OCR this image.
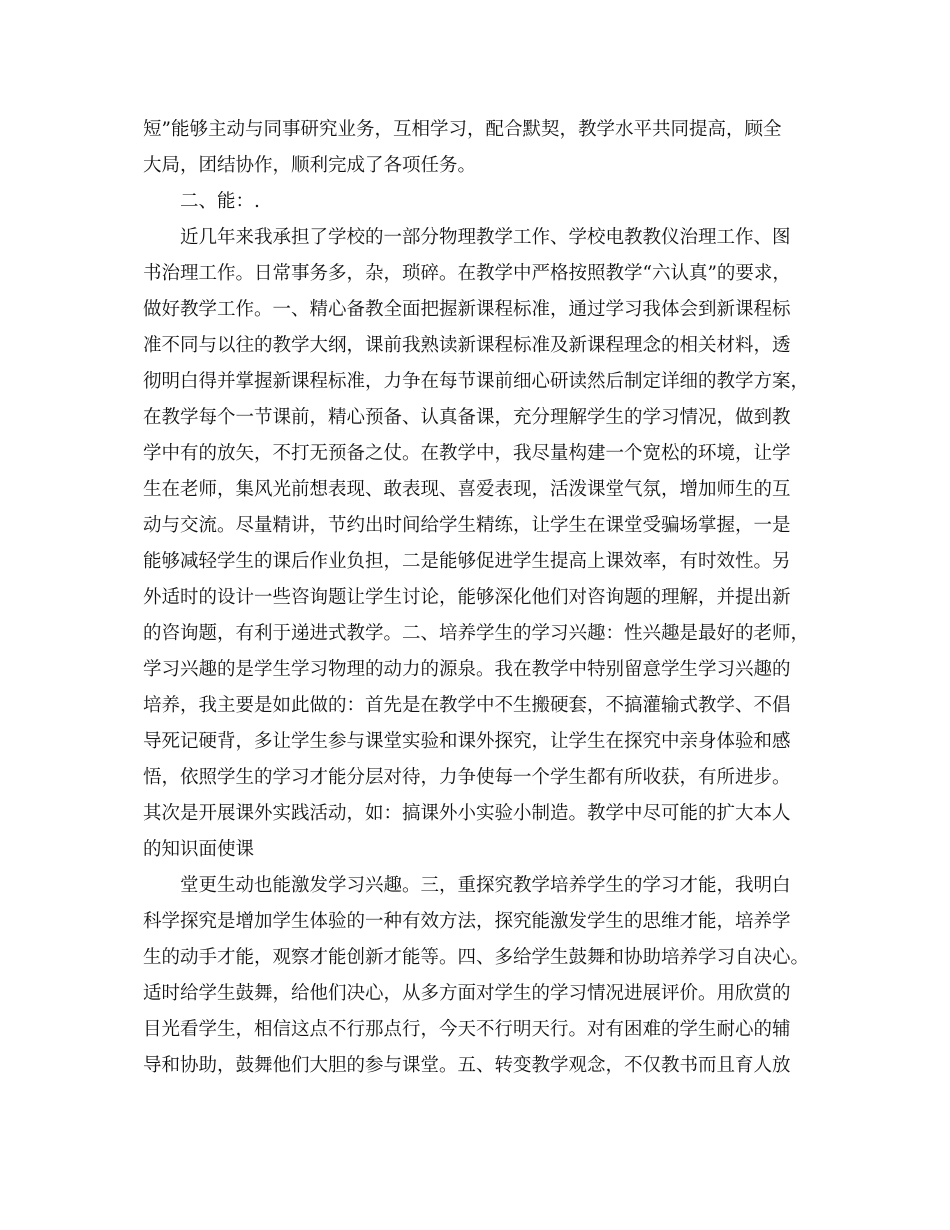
短”能够主动与同事研究业务，互相学习，配合默契，教学水平共同提高，顾全
大局，团结协作，顺利完成了各项任务。
二、能：.
近几年来我承担了学校的一部分物理教学工作、学校电教教仪治理工作、图
书治理工作。日常事务多，杂，琐碎。在教学中严格按照教学“六认真”的要求，
做好教学工作。一、精心备教全面把握新课程标准，通过学习我体会到新课程标
准不同与以往的教学大纲，课前我熟读新课程标准及新课程理念的相关材料，透
彻明白得并掌握新课程标准，力争在每节课前细心研读然后制定详细的教学方案，
在教学每个一节课前，精心预备、认真备课，充分理解学生的学习情况，做到教
学中有的放矢，不打无预备之仗。在教学中，我尽量构建一个宽松的环境，让学
生在老师，集风光前想表现、敢表现、喜爱表现，活泼课堂气氛，增加师生的互
动与交流。尽量精讲，节约出时间给学生精练，让学生在课堂受骗场掌握，一是
能够减轻学生的课后作业负担，二是能够促进学生提高上课效率，有时效性。另
外适时的设计一些咨询题让学生讨论，能够深化他们对咨询题的理解，并提出新
的咨询题，有利于递进式教学。二、培养学生的学习兴趣：性兴趣是最好的老师，
学习兴趣的是学生学习物理的动力的源泉。我在教学中特别留意学生学习兴趣的
培养，我主要是如此做的：首先是在教学中不生搬硬套，不搞灌输式教学、不倡
导死记硬背，多让学生参与课堂实验和课外探究，让学生在探究中亲身体验和感
悟，依照学生的学习才能分层对待，力争使每一个学生都有所收获，有所进步。
其次是开展课外实践活动，如：搞课外小实验小制造。教学中尽可能的扩大本人
的知识面使课
堂更生动也能激发学习兴趣。三，重探究教学培养学生的学习才能，我明白
科学探究是增加学生体验的一种有效方法，探究能激发学生的思维才能，培养学
生的动手才能，观察才能创新才能等。四、多给学生鼓舞和协助培养学习自决心。
适时给学生鼓舞，给他们决心，从多方面对学生的学习情况进展评价。用欣赏的
目光看学生，相信这点不行那点行，今天不行明天行。对有困难的学生耐心的辅
导和协助，鼓舞他们大胆的参与课堂。五、转变教学观念，不仅教书而且育人放
